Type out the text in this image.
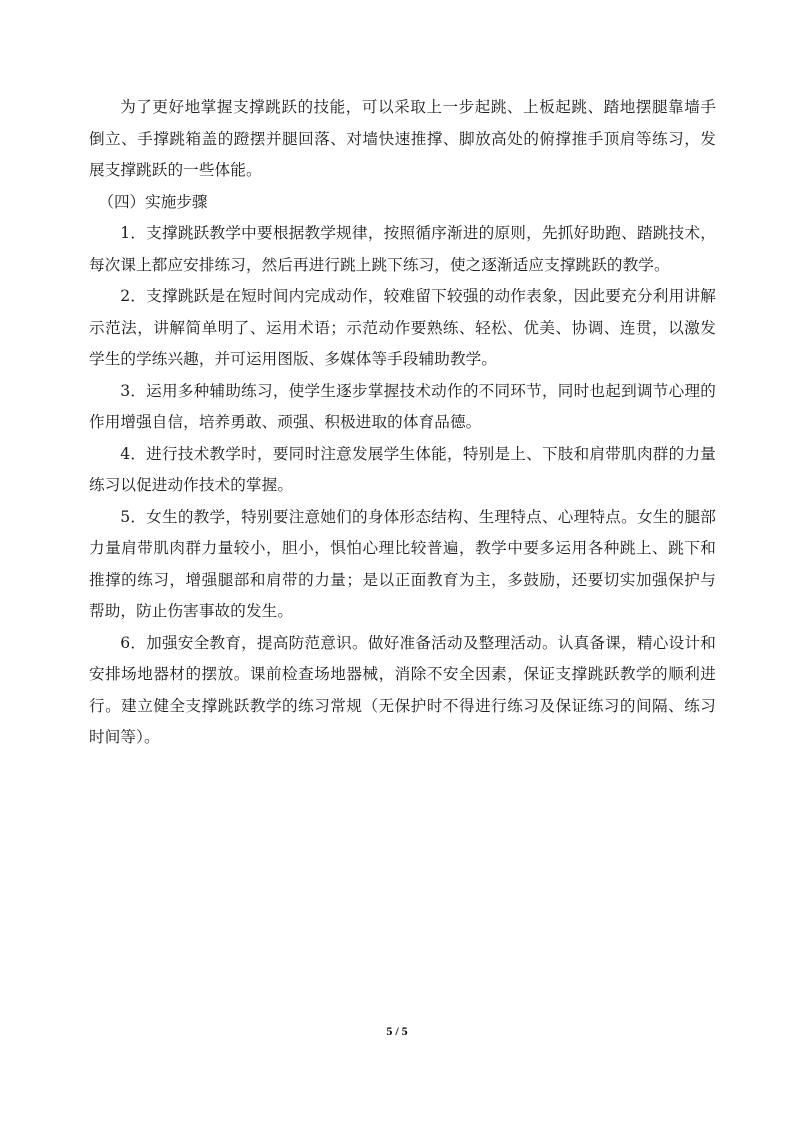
为了更好地掌握支撑跳跃的技能，可以采取上一步起跳、上板起跳、踏地摆腿靠墙手倒立、手撑跳箱盖的蹬摆并腿回落、对墙快速推撑、脚放高处的俯撑推手顶肩等练习，发展支撑跳跃的一些体能。

（四）实施步骤

1．支撑跳跃教学中要根据教学规律，按照循序渐进的原则，先抓好助跑、踏跳技术，每次课上都应安排练习，然后再进行跳上跳下练习，使之逐渐适应支撑跳跃的教学。

2．支撑跳跃是在短时间内完成动作，较难留下较强的动作表象，因此要充分利用讲解示范法，讲解简单明了、运用术语；示范动作要熟练、轻松、优美、协调、连贯，以激发学生的学练兴趣，并可运用图版、多媒体等手段辅助教学。

3．运用多种辅助练习，使学生逐步掌握技术动作的不同环节，同时也起到调节心理的作用增强自信，培养勇敢、顽强、积极进取的体育品德。

4．进行技术教学时，要同时注意发展学生体能，特别是上、下肢和肩带肌肉群的力量练习以促进动作技术的掌握。

5．女生的教学，特别要注意她们的身体形态结构、生理特点、心理特点。女生的腿部力量肩带肌肉群力量较小，胆小，惧怕心理比较普遍，教学中要多运用各种跳上、跳下和推撑的练习，增强腿部和肩带的力量；是以正面教育为主，多鼓励，还要切实加强保护与帮助，防止伤害事故的发生。

6．加强安全教育，提高防范意识。做好准备活动及整理活动。认真备课，精心设计和安排场地器材的摆放。课前检查场地器械，消除不安全因素，保证支撑跳跃教学的顺利进行。建立健全支撑跳跃教学的练习常规（无保护时不得进行练习及保证练习的间隔、练习时间等）。

5 / 5
